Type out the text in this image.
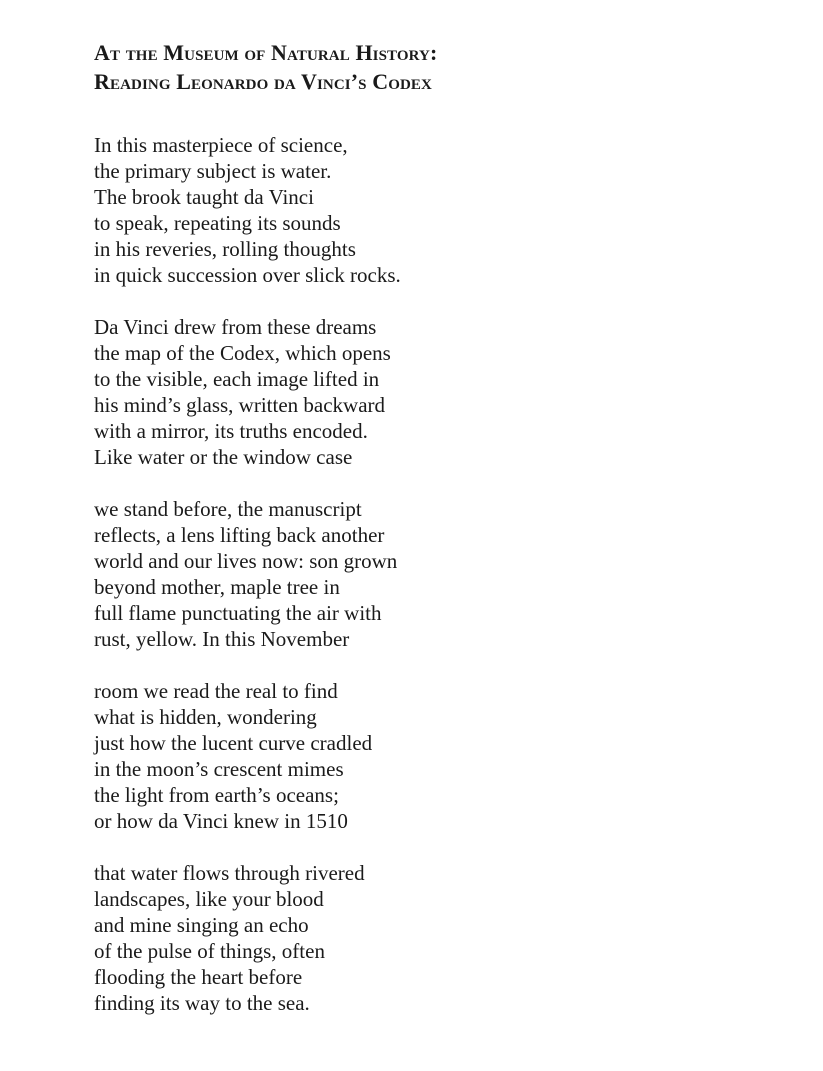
At the Museum of Natural History:
Reading Leonardo da Vinci’s Codex

In this masterpiece of science,
the primary subject is water.
The brook taught da Vinci
to speak, repeating its sounds
in his reveries, rolling thoughts
in quick succession over slick rocks.

Da Vinci drew from these dreams
the map of the Codex, which opens
to the visible, each image lifted in
his mind’s glass, written backward
with a mirror, its truths encoded.
Like water or the window case

we stand before, the manuscript
reflects, a lens lifting back another
world and our lives now: son grown
beyond mother, maple tree in
full flame punctuating the air with
rust, yellow. In this November

room we read the real to find
what is hidden, wondering
just how the lucent curve cradled
in the moon’s crescent mimes
the light from earth’s oceans;
or how da Vinci knew in 1510

that water flows through rivered
landscapes, like your blood
and mine singing an echo
of the pulse of things, often
flooding the heart before
finding its way to the sea.
